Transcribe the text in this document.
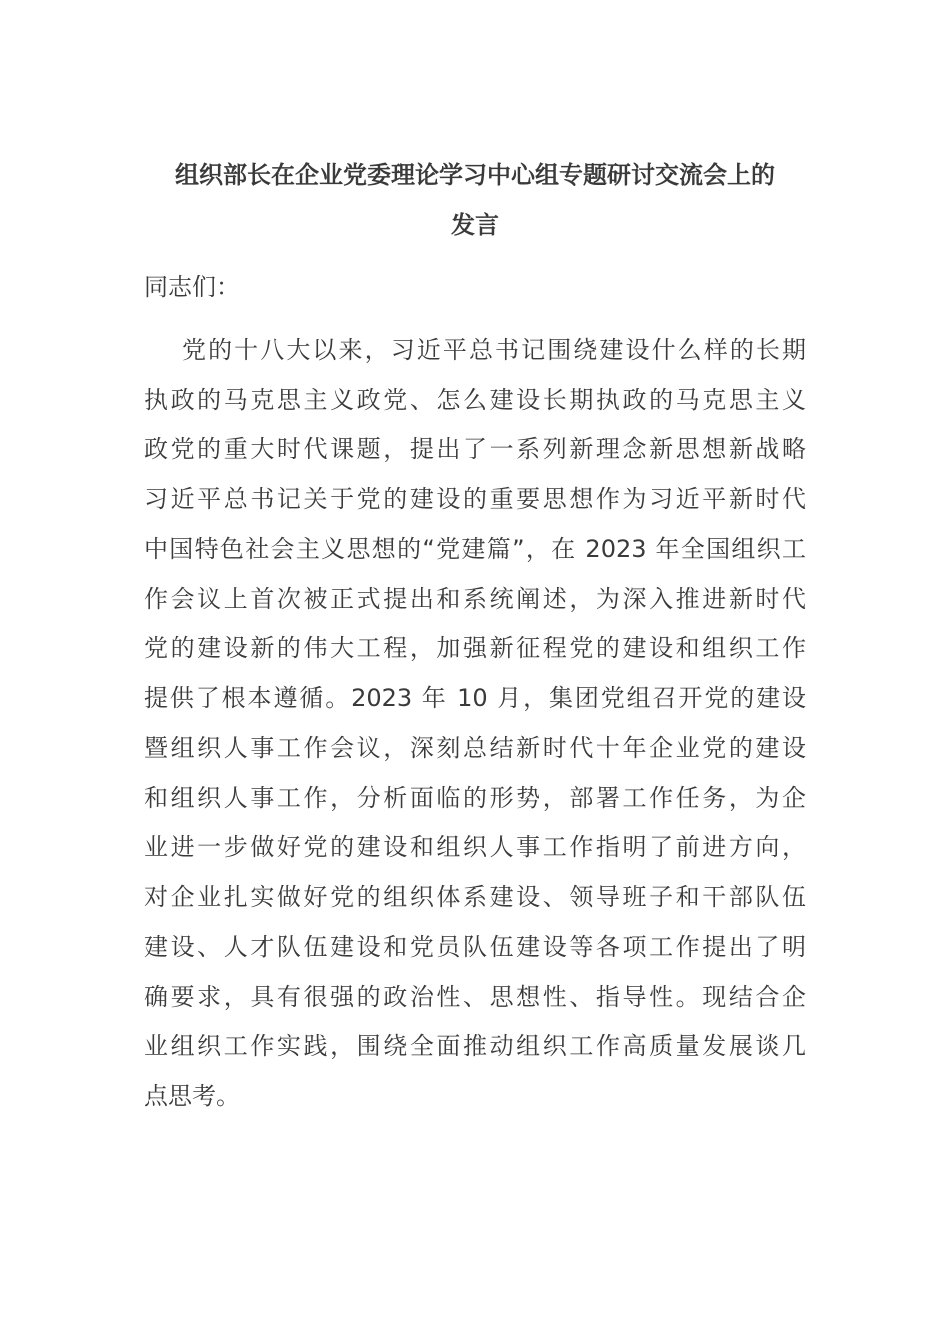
组织部长在企业党委理论学习中心组专题研讨交流会上的
发言

同志们：

党的十八大以来，习近平总书记围绕建设什么样的长期

执政的马克思主义政党、怎么建设长期执政的马克思主义

政党的重大时代课题，提出了一系列新理念新思想新战略

习近平总书记关于党的建设的重要思想作为习近平新时代

中国特色社会主义思想的“党建篇”，在 2023 年全国组织工

作会议上首次被正式提出和系统阐述，为深入推进新时代

党的建设新的伟大工程，加强新征程党的建设和组织工作

提供了根本遵循。2023 年 10 月，集团党组召开党的建设

暨组织人事工作会议，深刻总结新时代十年企业党的建设

和组织人事工作，分析面临的形势，部署工作任务，为企

业进一步做好党的建设和组织人事工作指明了前进方向，

对企业扎实做好党的组织体系建设、领导班子和干部队伍

建设、人才队伍建设和党员队伍建设等各项工作提出了明

确要求，具有很强的政治性、思想性、指导性。现结合企

业组织工作实践，围绕全面推动组织工作高质量发展谈几

点思考。
